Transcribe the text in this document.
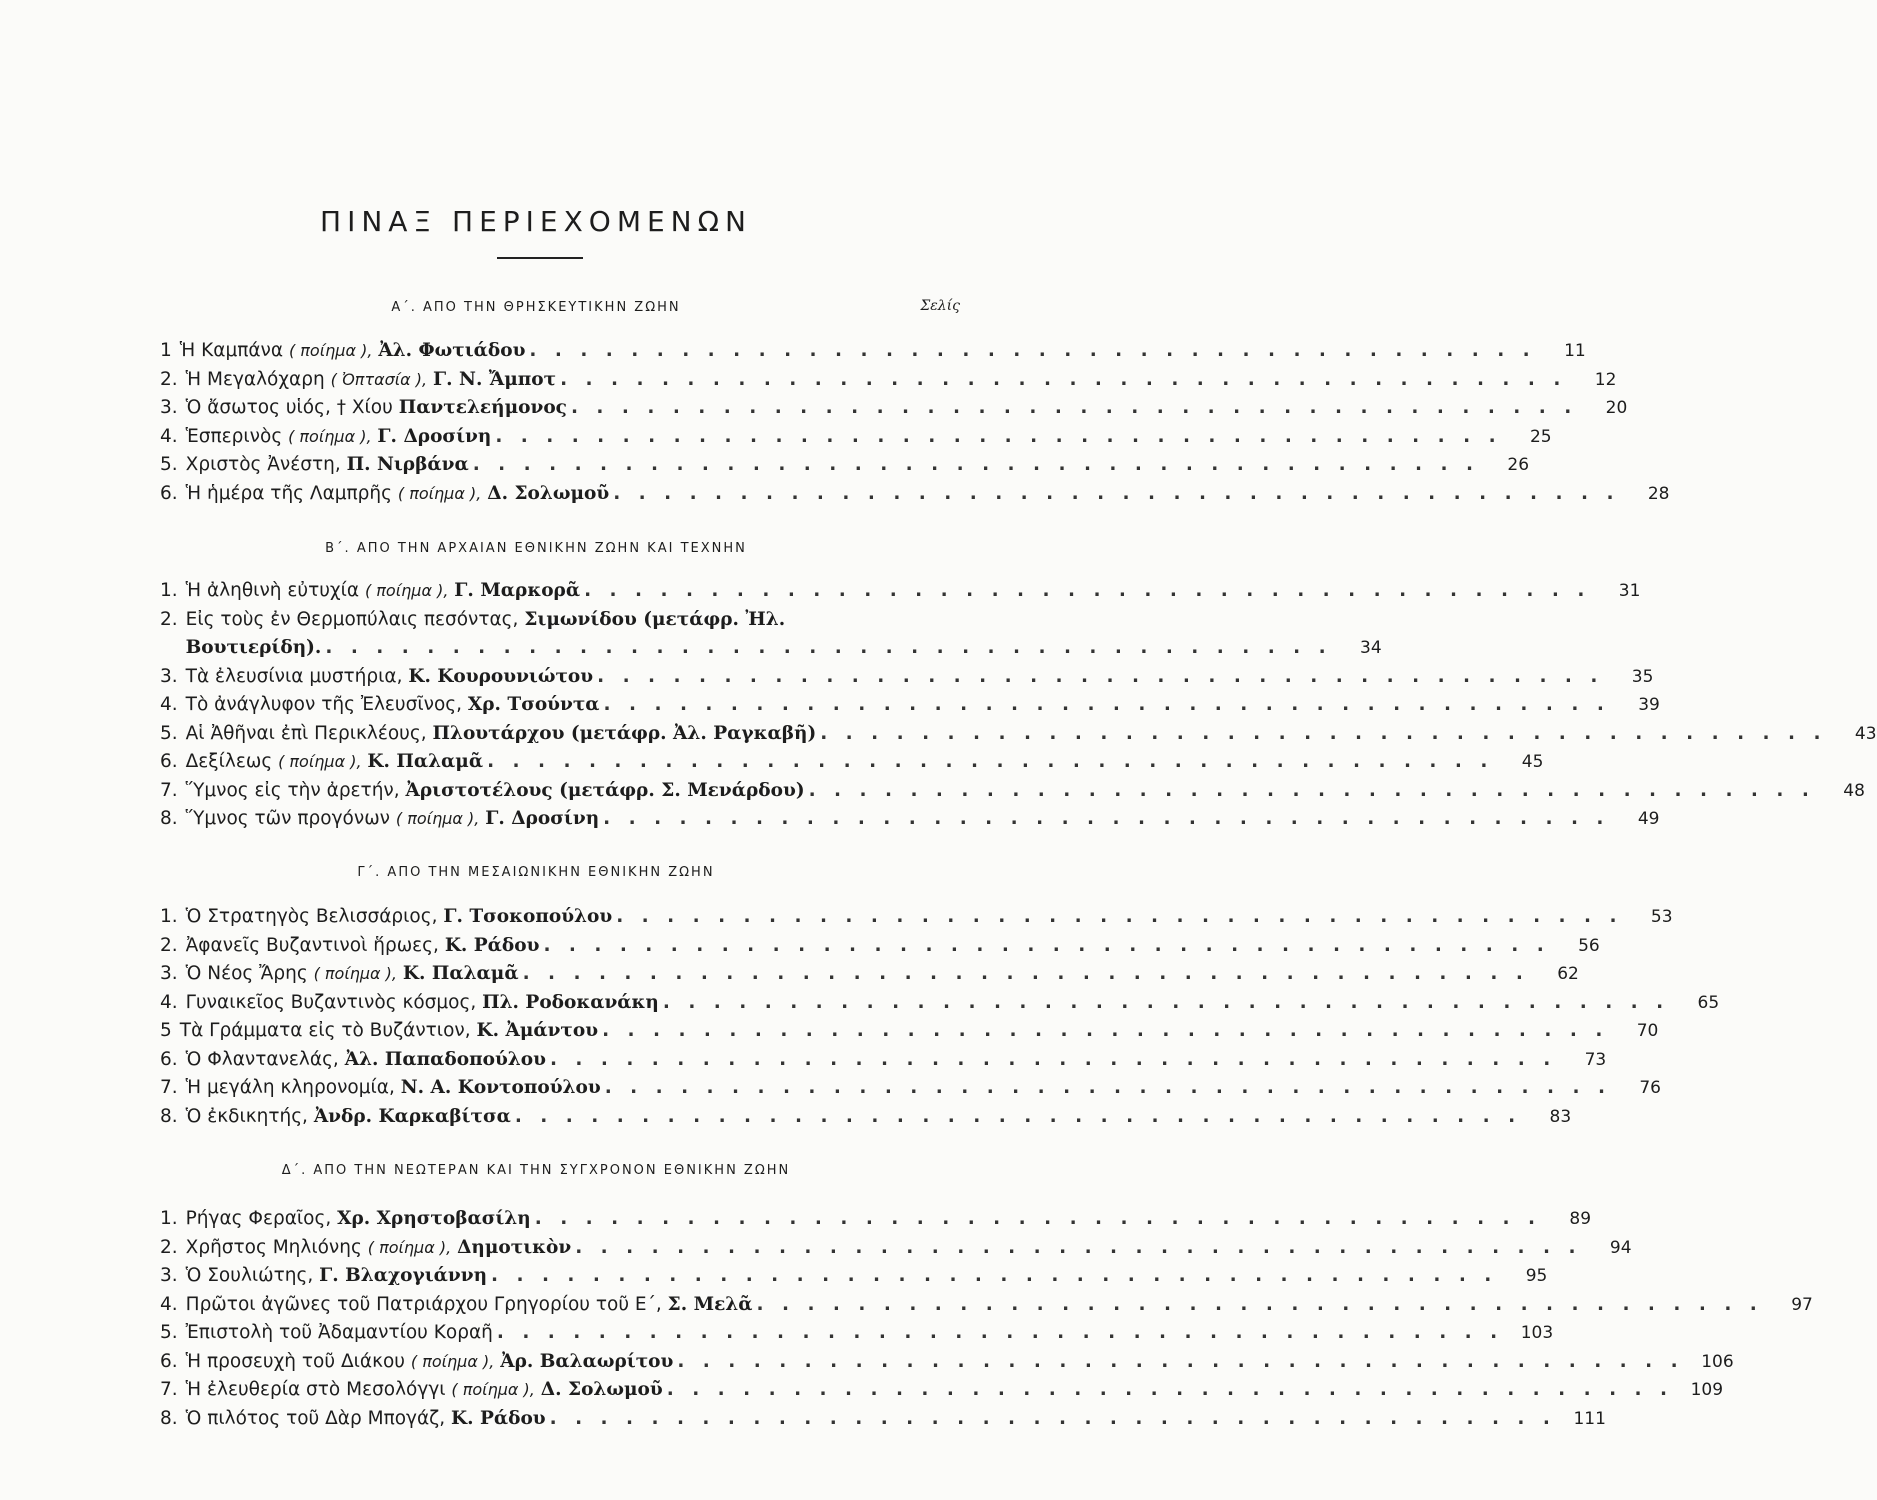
ΠΙΝΑΞ ΠΕΡΙΕΧΟΜΕΝΩΝ
Σελίς
Α΄. ΑΠΟ ΤΗΝ ΘΡΗΣΚΕΥΤΙΚΗΝ ΖΩΗΝ
1 Ἡ Καμπάνα ( ποίημα ), Ἀλ. Φωτιάδου . . . . . . . . . . . . . . . . . . . . . . . . . . . . . . . . . . . . . . . .	11
2. Ἡ Μεγαλόχαρη ( Ὀπτασία ), Γ. Ν. Ἄμποτ . . . . . . . . . . . . . . . . . . . . . . . . . . . . . . . . . . . . . . . .	12
3. Ὁ ἄσωτος υἱός, † Χίου Παντελεήμονος . . . . . . . . . . . . . . . . . . . . . . . . . . . . . . . . . . . . . . . .	20
4. Ἑσπερινὸς ( ποίημα ), Γ. Δροσίνη . . . . . . . . . . . . . . . . . . . . . . . . . . . . . . . . . . . . . . . .	25
5. Χριστὸς Ἀνέστη, Π. Νιρβάνα . . . . . . . . . . . . . . . . . . . . . . . . . . . . . . . . . . . . . . . .	26
6. Ἡ ἡμέρα τῆς Λαμπρῆς ( ποίημα ), Δ. Σολωμοῦ . . . . . . . . . . . . . . . . . . . . . . . . . . . . . . . . . . . . . . . .	28
Β΄. ΑΠΟ ΤΗΝ ΑΡΧΑΙΑΝ ΕΘΝΙΚΗΝ ΖΩΗΝ ΚΑΙ ΤΕΧΝΗΝ
1. Ἡ ἀληθινὴ εὐτυχία ( ποίημα ), Γ. Μαρκορᾶ . . . . . . . . . . . . . . . . . . . . . . . . . . . . . . . . . . . . . . . .	31
2. Εἰς τοὺς ἐν Θερμοπύλαις πεσόντας, Σιμωνίδου (μετάφρ. Ἠλ.
Βουτιερίδη). . . . . . . . . . . . . . . . . . . . . . . . . . . . . . . . . . . . . . . . .	34
3. Τὰ ἐλευσίνια μυστήρια, Κ. Κουρουνιώτου . . . . . . . . . . . . . . . . . . . . . . . . . . . . . . . . . . . . . . . .	35
4. Τὸ ἀνάγλυφον τῆς Ἐλευσῖνος, Χρ. Τσούντα . . . . . . . . . . . . . . . . . . . . . . . . . . . . . . . . . . . . . . . .	39
5. Αἱ Ἀθῆναι ἐπὶ Περικλέους, Πλουτάρχου (μετάφρ. Ἀλ. Ραγκαβῆ) . . . . . . . . . . . . . . . . . . . . . . . . . . . . . . . . . . . . . . . .	43
6. Δεξίλεως ( ποίημα ), Κ. Παλαμᾶ . . . . . . . . . . . . . . . . . . . . . . . . . . . . . . . . . . . . . . . .	45
7. Ὕμνος εἰς τὴν ἀρετήν, Ἀριστοτέλους (μετάφρ. Σ. Μενάρδου) . . . . . . . . . . . . . . . . . . . . . . . . . . . . . . . . . . . . . . . .	48
8. Ὕμνος τῶν προγόνων ( ποίημα ), Γ. Δροσίνη . . . . . . . . . . . . . . . . . . . . . . . . . . . . . . . . . . . . . . . .	49
Γ΄. ΑΠΟ ΤΗΝ ΜΕΣΑΙΩΝΙΚΗΝ ΕΘΝΙΚΗΝ ΖΩΗΝ
1. Ὁ Στρατηγὸς Βελισσάριος, Γ. Τσοκοπούλου . . . . . . . . . . . . . . . . . . . . . . . . . . . . . . . . . . . . . . . .	53
2. Ἀφανεῖς Βυζαντινοὶ ἥρωες, Κ. Ράδου . . . . . . . . . . . . . . . . . . . . . . . . . . . . . . . . . . . . . . . .	56
3. Ὁ Νέος Ἄρης ( ποίημα ), Κ. Παλαμᾶ . . . . . . . . . . . . . . . . . . . . . . . . . . . . . . . . . . . . . . . .	62
4. Γυναικεῖος Βυζαντινὸς κόσμος, Πλ. Ροδοκανάκη . . . . . . . . . . . . . . . . . . . . . . . . . . . . . . . . . . . . . . . .	65
5 Τὰ Γράμματα εἰς τὸ Βυζάντιον, Κ. Ἀμάντου . . . . . . . . . . . . . . . . . . . . . . . . . . . . . . . . . . . . . . . .	70
6. Ὁ Φλαντανελάς, Ἀλ. Παπαδοπούλου . . . . . . . . . . . . . . . . . . . . . . . . . . . . . . . . . . . . . . . .	73
7. Ἡ μεγάλη κληρονομία, Ν. Α. Κοντοπούλου . . . . . . . . . . . . . . . . . . . . . . . . . . . . . . . . . . . . . . . .	76
8. Ὁ ἐκδικητής, Ἀνδρ. Καρκαβίτσα . . . . . . . . . . . . . . . . . . . . . . . . . . . . . . . . . . . . . . . .	83
Δ΄. ΑΠΟ ΤΗΝ ΝΕΩΤΕΡΑΝ ΚΑΙ ΤΗΝ ΣΥΓΧΡΟΝΟΝ ΕΘΝΙΚΗΝ ΖΩΗΝ
1. Ρήγας Φεραῖος, Χρ. Χρηστοβασίλη . . . . . . . . . . . . . . . . . . . . . . . . . . . . . . . . . . . . . . . .	89
2. Χρῆστος Μηλιόνης ( ποίημα ), Δημοτικὸν . . . . . . . . . . . . . . . . . . . . . . . . . . . . . . . . . . . . . . . .	94
3. Ὁ Σουλιώτης, Γ. Βλαχογιάννη . . . . . . . . . . . . . . . . . . . . . . . . . . . . . . . . . . . . . . . .	95
4. Πρῶτοι ἀγῶνες τοῦ Πατριάρχου Γρηγορίου τοῦ Ε΄, Σ. Μελᾶ . . . . . . . . . . . . . . . . . . . . . . . . . . . . . . . . . . . . . . . .	97
5. Ἐπιστολὴ τοῦ Ἀδαμαντίου Κοραῆ . . . . . . . . . . . . . . . . . . . . . . . . . . . . . . . . . . . . . . . .	103
6. Ἡ προσευχὴ τοῦ Διάκου ( ποίημα ), Ἀρ. Βαλαωρίτου . . . . . . . . . . . . . . . . . . . . . . . . . . . . . . . . . . . . . . . .	106
7. Ἡ ἐλευθερία στὸ Μεσολόγγι ( ποίημα ), Δ. Σολωμοῦ . . . . . . . . . . . . . . . . . . . . . . . . . . . . . . . . . . . . . . . .	109
8. Ὁ πιλότος τοῦ Δὰρ Μπογάζ, Κ. Ράδου . . . . . . . . . . . . . . . . . . . . . . . . . . . . . . . . . . . . . . . .	111
